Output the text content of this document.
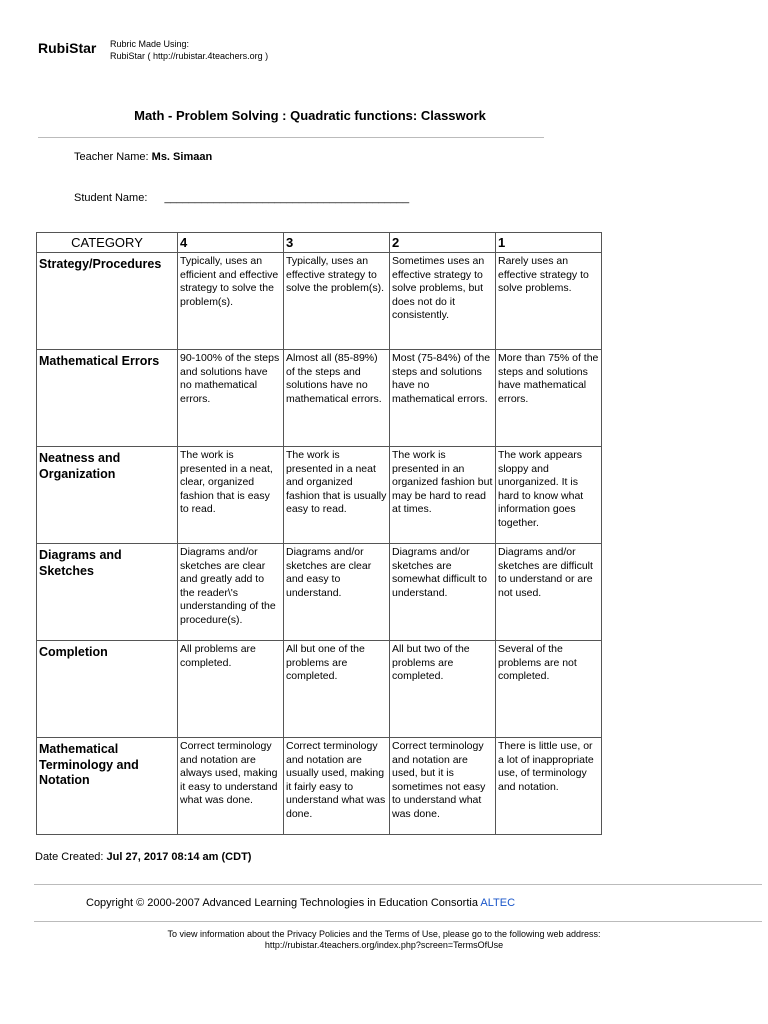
RubiStar Rubric Made Using:
RubiStar ( http://rubistar.4teachers.org )
Math - Problem Solving : Quadratic functions: Classwork
Teacher Name: Ms. Simaan
Student Name: ________________________________________
CATEGORY	4	3	2	1
Strategy/Procedures	Typically, uses an efficient and effective strategy to solve the problem(s).	Typically, uses an effective strategy to solve the problem(s).	Sometimes uses an effective strategy to solve problems, but does not do it consistently.	Rarely uses an effective strategy to solve problems.
Mathematical Errors	90-100% of the steps and solutions have no mathematical errors.	Almost all (85-89%) of the steps and solutions have no mathematical errors.	Most (75-84%) of the steps and solutions have no mathematical errors.	More than 75% of the steps and solutions have mathematical errors.
Neatness and Organization	The work is presented in a neat, clear, organized fashion that is easy to read.	The work is presented in a neat and organized fashion that is usually easy to read.	The work is presented in an organized fashion but may be hard to read at times.	The work appears sloppy and unorganized. It is hard to know what information goes together.
Diagrams and Sketches	Diagrams and/or sketches are clear and greatly add to the reader\'s understanding of the procedure(s).	Diagrams and/or sketches are clear and easy to understand.	Diagrams and/or sketches are somewhat difficult to understand.	Diagrams and/or sketches are difficult to understand or are not used.
Completion	All problems are completed.	All but one of the problems are completed.	All but two of the problems are completed.	Several of the problems are not completed.
Mathematical Terminology and Notation	Correct terminology and notation are always used, making it easy to understand what was done.	Correct terminology and notation are usually used, making it fairly easy to understand what was done.	Correct terminology and notation are used, but it is sometimes not easy to understand what was done.	There is little use, or a lot of inappropriate use, of terminology and notation.
Date Created: Jul 27, 2017 08:14 am (CDT)
Copyright © 2000-2007 Advanced Learning Technologies in Education Consortia ALTEC
To view information about the Privacy Policies and the Terms of Use, please go to the following web address:
http://rubistar.4teachers.org/index.php?screen=TermsOfUse
